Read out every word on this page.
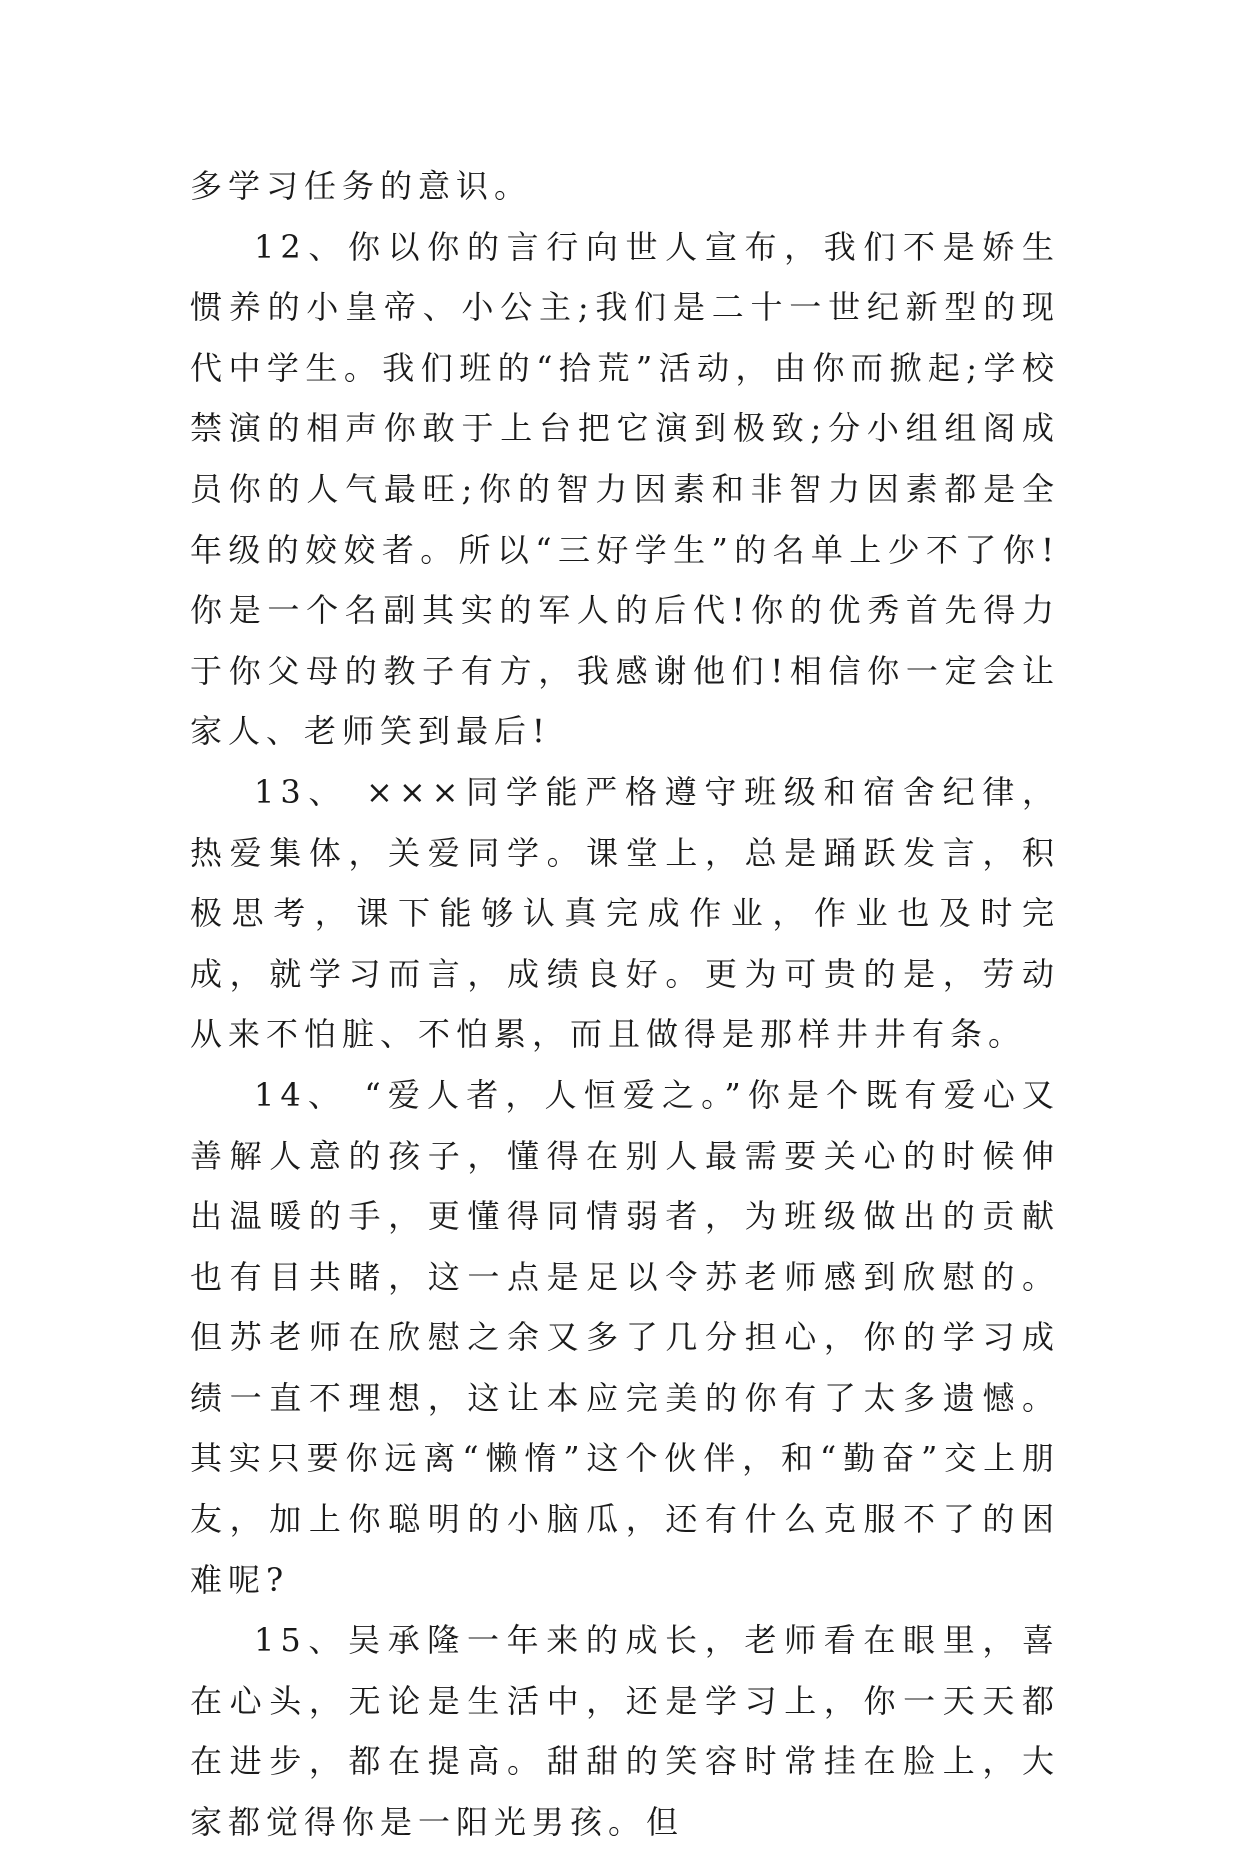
多学习任务的意识。

12、你以你的言行向世人宣布，我们不是娇生惯养的小皇帝、小公主;我们是二十一世纪新型的现代中学生。我们班的“拾荒”活动，由你而掀起;学校禁演的相声你敢于上台把它演到极致;分小组组阁成员你的人气最旺;你的智力因素和非智力因素都是全年级的姣姣者。所以“三好学生”的名单上少不了你!你是一个名副其实的军人的后代!你的优秀首先得力于你父母的教子有方，我感谢他们!相信你一定会让家人、老师笑到最后!

13、 ×××同学能严格遵守班级和宿舍纪律，热爱集体，关爱同学。课堂上，总是踊跃发言，积极思考，课下能够认真完成作业，作业也及时完成，就学习而言，成绩良好。更为可贵的是，劳动从来不怕脏、不怕累，而且做得是那样井井有条。

14、 “爱人者，人恒爱之。”你是个既有爱心又善解人意的孩子，懂得在别人最需要关心的时候伸出温暖的手，更懂得同情弱者，为班级做出的贡献也有目共睹，这一点是足以令苏老师感到欣慰的。但苏老师在欣慰之余又多了几分担心，你的学习成绩一直不理想，这让本应完美的你有了太多遗憾。其实只要你远离“懒惰”这个伙伴，和“勤奋”交上朋友，加上你聪明的小脑瓜，还有什么克服不了的困难呢?

15、吴承隆一年来的成长，老师看在眼里，喜在心头，无论是生活中，还是学习上，你一天天都在进步，都在提高。甜甜的笑容时常挂在脸上，大家都觉得你是一阳光男孩。但
